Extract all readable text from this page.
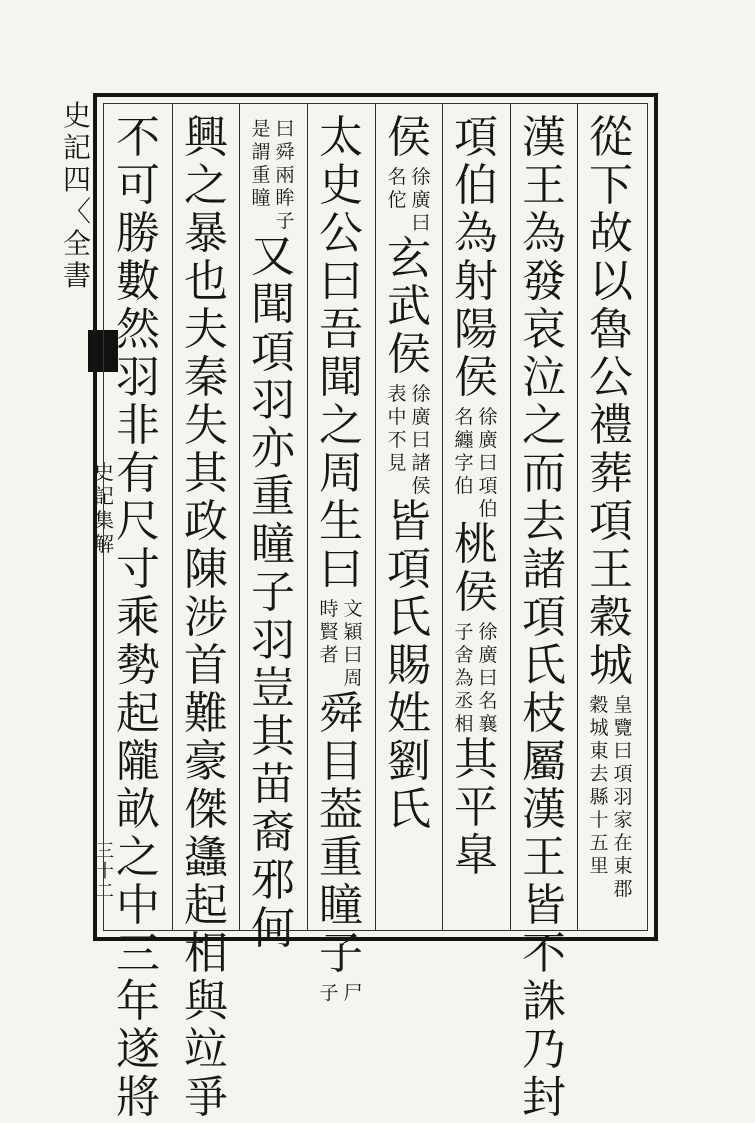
史
記
四
〈
全
書
史
記
集
解
三十二
從
下
故
以
魯
公
禮
葬
項
王
穀
城
皇
覽
曰
項
羽
家
在
東
郡
穀
城
東
去
縣
十
五
里
漢
王
為
發
哀
泣
之
而
去
諸
項
氏
枝
屬
漢
王
皆
不
誅
乃
封
項
伯
為
射
陽
侯
徐
廣
曰
項
伯
名
纏
字
伯
桃
侯
徐
廣
曰
名
襄
子
舍
為
丞
相
其
平
皐
侯
徐
廣
曰
名
佗
玄
武
侯
徐
廣
曰
諸
侯
表
中
不
見
皆
項
氏
賜
姓
劉
氏
太
史
公
曰
吾
聞
之
周
生
曰
文
穎
曰
周
時
賢
者
舜
目
葢
重
瞳
子
尸
子
曰
舜
兩
眸
子
是
謂
重
瞳
又
聞
項
羽
亦
重
瞳
子
羽
豈
其
苗
裔
邪
何
興
之
暴
也
夫
秦
失
其
政
陳
涉
首
難
豪
傑
蠭
起
相
與
竝
爭
不
可
勝
數
然
羽
非
有
尺
寸
乘
勢
起
隴
畝
之
中
三
年
遂
將
